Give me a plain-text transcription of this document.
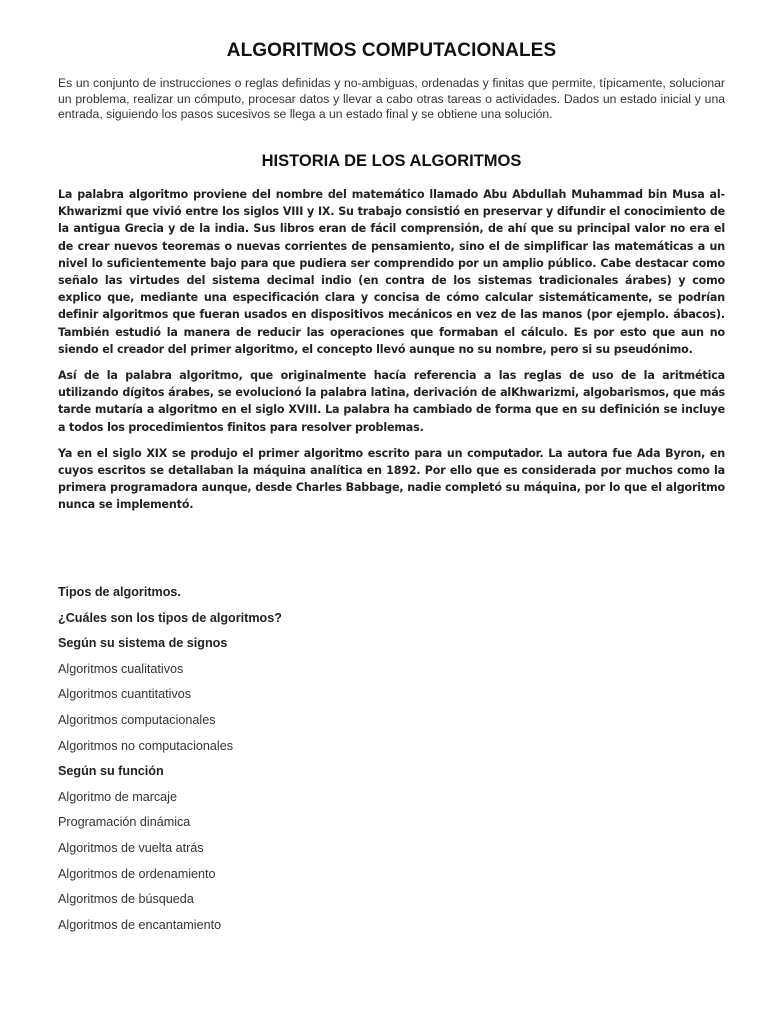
ALGORITMOS COMPUTACIONALES

Es un conjunto de instrucciones o reglas definidas y no-ambiguas, ordenadas y finitas que permite, típicamente, solucionar un problema, realizar un cómputo, procesar datos y llevar a cabo otras tareas o actividades. Dados un estado inicial y una entrada, siguiendo los pasos sucesivos se llega a un estado final y se obtiene una solución.

HISTORIA DE LOS ALGORITMOS

La palabra algoritmo proviene del nombre del matemático llamado Abu Abdullah Muhammad bin Musa al-Khwarizmi que vivió entre los siglos VIII y IX. Su trabajo consistió en preservar y difundir el conocimiento de la antigua Grecia y de la india. Sus libros eran de fácil comprensión, de ahí que su principal valor no era el de crear nuevos teoremas o nuevas corrientes de pensamiento, sino el de simplificar las matemáticas a un nivel lo suficientemente bajo para que pudiera ser comprendido por un amplio público. Cabe destacar como señalo las virtudes del sistema decimal indio (en contra de los sistemas tradicionales árabes) y como explico que, mediante una especificación clara y concisa de cómo calcular sistemáticamente, se podrían definir algoritmos que fueran usados en dispositivos mecánicos en vez de las manos (por ejemplo. ábacos). También estudió la manera de reducir las operaciones que formaban el cálculo. Es por esto que aun no siendo el creador del primer algoritmo, el concepto llevó aunque no su nombre, pero si su pseudónimo.

Así de la palabra algoritmo, que originalmente hacía referencia a las reglas de uso de la aritmética utilizando dígitos árabes, se evolucionó la palabra latina, derivación de alKhwarizmi, algobarismos, que más tarde mutaría a algoritmo en el siglo XVIII. La palabra ha cambiado de forma que en su definición se incluye a todos los procedimientos finitos para resolver problemas.

Ya en el siglo XIX se produjo el primer algoritmo escrito para un computador. La autora fue Ada Byron, en cuyos escritos se detallaban la máquina analítica en 1892. Por ello que es considerada por muchos como la primera programadora aunque, desde Charles Babbage, nadie completó su máquina, por lo que el algoritmo nunca se implementó.

Tipos de algoritmos.
¿Cuáles son los tipos de algoritmos?
Según su sistema de signos
Algoritmos cualitativos
Algoritmos cuantitativos
Algoritmos computacionales
Algoritmos no computacionales
Según su función
Algoritmo de marcaje
Programación dinámica
Algoritmos de vuelta atrás
Algoritmos de ordenamiento
Algoritmos de búsqueda
Algoritmos de encantamiento
